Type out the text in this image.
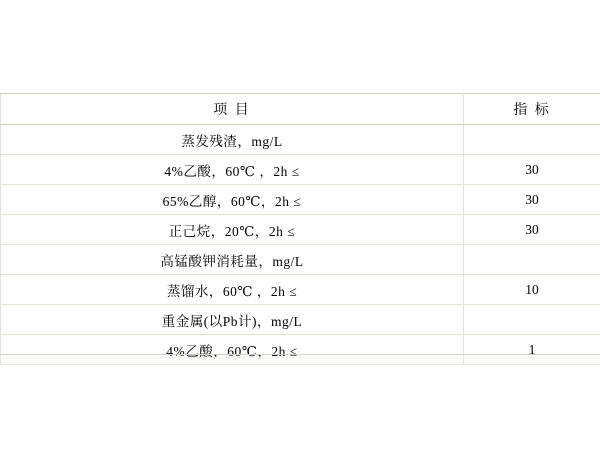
项 目	指 标
蒸发残渣，mg/L	
4%乙酸，60℃ ，2h ≤	30
65%乙醇，60℃，2h ≤	30
正己烷，20℃，2h ≤	30
高锰酸钾消耗量，mg/L	
蒸馏水，60℃ ，2h ≤	10
重金属(以Pb计)，mg/L	
4%乙酸，60℃，2h ≤	1
